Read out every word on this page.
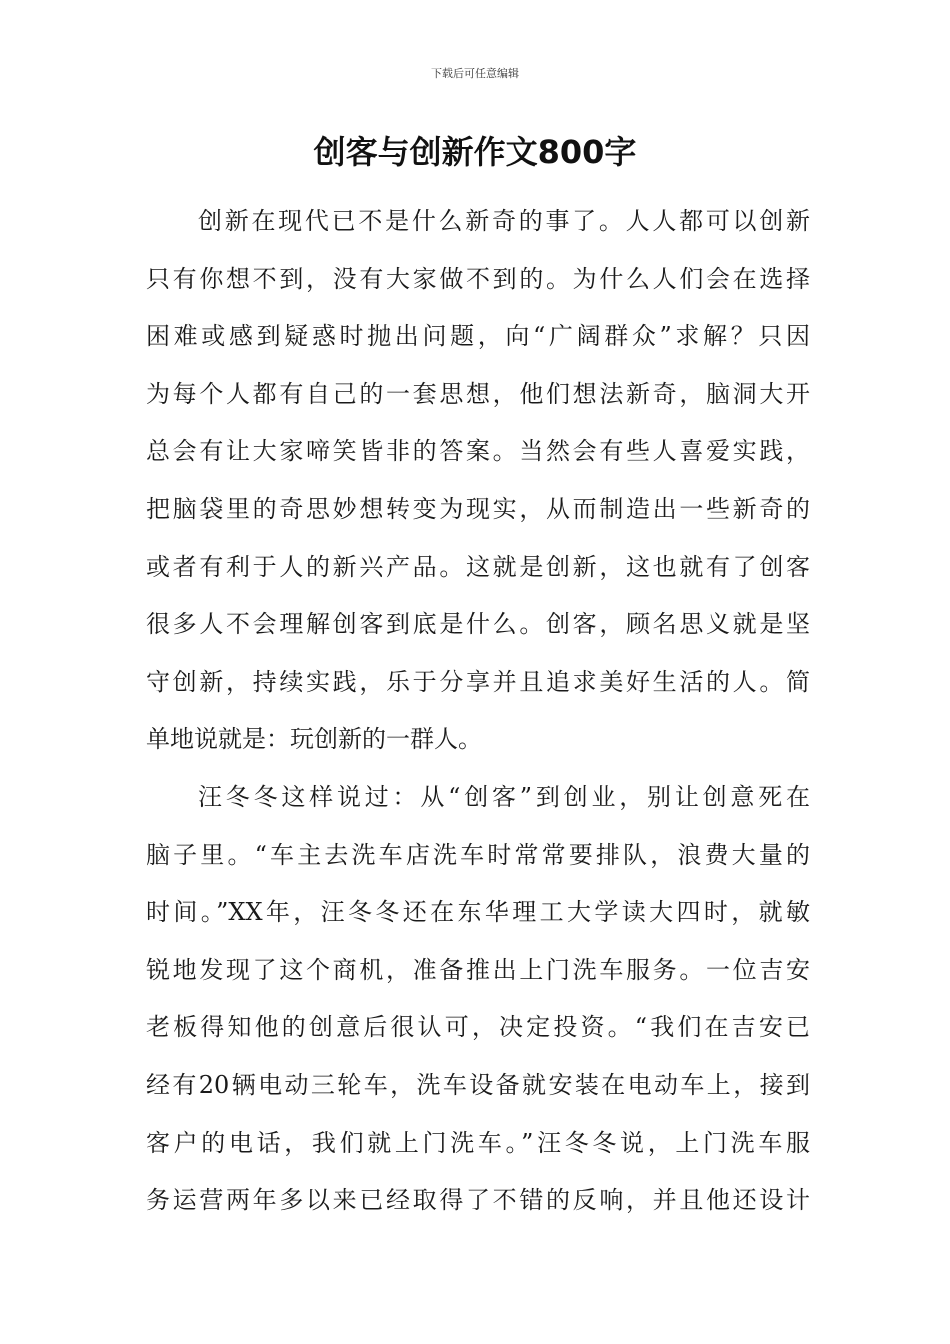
下载后可任意编辑
创客与创新作文800字
创新在现代已不是什么新奇的事了。人人都可以创新
只有你想不到，没有大家做不到的。为什么人们会在选择
困难或感到疑惑时抛出问题，向“广阔群众”求解？只因
为每个人都有自己的一套思想，他们想法新奇，脑洞大开
总会有让大家啼笑皆非的答案。当然会有些人喜爱实践，
把脑袋里的奇思妙想转变为现实，从而制造出一些新奇的
或者有利于人的新兴产品。这就是创新，这也就有了创客
很多人不会理解创客到底是什么。创客，顾名思义就是坚
守创新，持续实践，乐于分享并且追求美好生活的人。简
单地说就是：玩创新的一群人。
汪冬冬这样说过：从“创客”到创业，别让创意死在
脑子里。“车主去洗车店洗车时常常要排队，浪费大量的
时间。”XX年，汪冬冬还在东华理工大学读大四时，就敏
锐地发现了这个商机，准备推出上门洗车服务。一位吉安
老板得知他的创意后很认可，决定投资。“我们在吉安已
经有20辆电动三轮车，洗车设备就安装在电动车上，接到
客户的电话，我们就上门洗车。”汪冬冬说，上门洗车服
务运营两年多以来已经取得了不错的反响，并且他还设计
